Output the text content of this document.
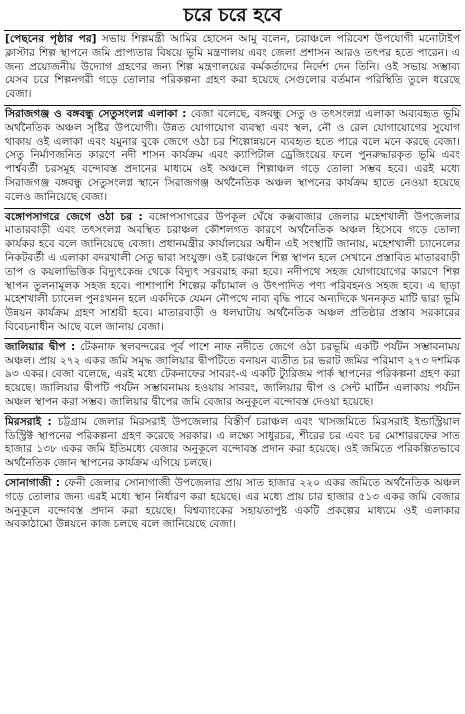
চরে চরে হবে

[পেছনের পৃষ্ঠার পর] সভায় শিল্পমন্ত্রী আমির হোসেন আমু বলেন, চরাঞ্চলে পরিবেশ উপযোগী মনোটাইপ ক্লাস্টার শিল্প স্থাপনে জমি প্রাপ্যতার বিষয়ে ভূমি মন্ত্রণালয় এবং জেলা প্রশাসন আরও তৎপর হতে পারেন। এ জন্য প্রয়োজনীয় উদ্যোগ গ্রহণের জন্য শিল্প মন্ত্রণালয়ের কর্মকর্তাদের নির্দেশ দেন তিনি। ওই সভায় সম্ভাব্য যেসব চরে শিল্পনগরী গড়ে তোলার পরিকল্পনা গ্রহণ করা হয়েছে সেগুলোর বর্তমান পরিস্থিতি তুলে ধরেছে বেজা।

সিরাজগঞ্জ ও বঙ্গবন্ধু সেতুসংলগ্ন এলাকা : বেজা বলেছে, বঙ্গবন্ধু সেতু ও তৎসংলগ্ন এলাকা অব্যবহৃত ভূমি অর্থনৈতিক অঞ্চল সৃষ্টির উপযোগী। উন্নত যোগাযোগ ব্যবস্থা এবং স্থল, নৌ ও রেল যোগাযোগের সুযোগ থাকায় ওই এলাকা এবং যমুনার বুকে জেগে ওঠা চর শিল্পোন্নয়নে ব্যবহৃত হতে পারে বলে মনে করছে বেজা। সেতু নির্মাণজনিত কারণে নদী শাসন কার্যক্রম এবং ক্যাপিটাল ড্রেজিংয়ের ফলে পুনরুদ্ধারকৃত ভূমি এবং পার্শ্ববর্তী চরসমূহ বন্দোবস্ত প্রদানের মাধ্যমে ওই অঞ্চলে শিল্পাঞ্চল গড়ে তোলা সম্ভব হবে। এরই মধ্যে সিরাজগঞ্জ বঙ্গবন্ধু সেতুসংলগ্ন স্থানে সিরাজগঞ্জ অর্থনৈতিক অঞ্চল স্থাপনের কার্যক্রম হাতে নেওয়া হয়েছে বলেও জানিয়েছে বেজা।

বঙ্গোপসাগরে জেগে ওঠা চর : বঙ্গোপসাগরের উপকূল ঘেঁষে কক্সবাজার জেলার মহেশখালী উপজেলার মাতারবাড়ী এবং তৎসংলগ্ন অবস্থিত চরাঞ্চল কৌশলগত কারণে অর্থনৈতিক অঞ্চল হিসেবে গড়ে তোলা কার্যকর হবে বলে জানিয়েছে বেজা। প্রধানমন্ত্রীর কার্যালয়ের অধীন এই সংস্থাটি জানায়, মহেশখালী চ্যানেলের নিকটবর্তী এ এলাকা বদরখালী সেতু দ্বারা সংযুক্ত। ওই চরাঞ্চলে শিল্প স্থাপন হলে সেখানে প্রস্তাবিত মাতারবাড়ী তাপ ও কয়লাভিত্তিক বিদ্যুৎকেন্দ্র থেকে বিদ্যুৎ সরবরাহ করা হবে। নদীপথে সহজ যোগাযোগের কারণে শিল্প স্থাপন তুলনামূলক সহজ হবে। পাশাপাশি শিল্পের কাঁচামাল ও উৎপাদিত পণ্য পরিবহনও সহজ হবে। এ ছাড়া মহেশখালী চ্যানেল পুনঃখনন হলে একদিকে যেমন নৌপথে নাব্য বৃদ্ধি পাবে অন্যদিকে খননকৃত মাটি দ্বারা ভূমি উন্নয়ন কার্যক্রম গ্রহণ সাশ্রয়ী হবে। মাতারবাড়ী ও ধলঘাটায় অর্থনৈতিক অঞ্চল প্রতিষ্ঠার প্রস্তাব সরকারের বিবেচনাধীন আছে বলে জানায় বেজা।

জালিয়ার দ্বীপ : টেকনাফ স্থলবন্দরের পূর্ব পাশে নাফ নদীতে জেগে ওঠা চরভূমি একটি পর্যটন সম্ভাবনাময় অঞ্চল। প্রায় ২৭২ একর জমি সমৃদ্ধ জালিয়ার দ্বীপটিতে বনায়ন ব্যতীত চর ভরাট জমির পরিমাণ ২৭৩ দশমিক ৯৩ একর। বেজা বলেছে, এরই মধ্যে টেকনাফের সাবরং-এ একটি ট্যুরিজম পার্ক স্থাপনের পরিকল্পনা গ্রহণ করা হয়েছে। জালিয়ার দ্বীপটি পর্যটন সম্ভাবনাময় হওয়ায় সাবরং, জালিয়ার দ্বীপ ও সেন্ট মার্টিন এলাকায় পর্যটন অঞ্চল স্থাপন করা সম্ভব। জালিয়ার দ্বীপের জমি বেজার অনুকূলে বন্দোবস্ত দেওয়া হয়েছে।

মিরসরাই : চট্টগ্রাম জেলার মিরসরাই উপজেলার বিস্তীর্ণ চরাঞ্চল এবং খাসজমিতে মিরসরাই ইন্ডাস্ট্রিয়াল ডিস্ট্রিক্ট স্থাপনের পরিকল্পনা গ্রহণ করেছে সরকার। এ লক্ষ্যে সাধুরচর, শীরের চর এবং চর মোশাররফের সাত হাজার ১৩৮ একর জমি ইতিমধ্যে বেজার অনুকূলে বন্দোবস্ত প্রদান করা হয়েছে। ওই জমিতে পরিকল্পিতভাবে অর্থনৈতিক জোন স্থাপনের কার্যক্রম এগিয়ে চলছে।

সোনাগাজী : ফেনী জেলার সোনাগাজী উপজেলার প্রায় সাত হাজার ২২০ একর জমিতে অর্থনৈতিক অঞ্চল গড়ে তোলার জন্য এরই মধ্যে স্থান নির্ধারণ করা হয়েছে। এর মধ্যে প্রায় চার হাজার ৫১৩ একর জমি বেজার অনুকূলে বন্দোবস্ত প্রদান করা হয়েছে। বিশ্বব্যাংকের সহায়তাপুষ্ট একটি প্রকল্পের মাধ্যমে ওই এলাকার অবকাঠামো উন্নয়নে কাজ চলছে বলে জানিয়েছে বেজা।
